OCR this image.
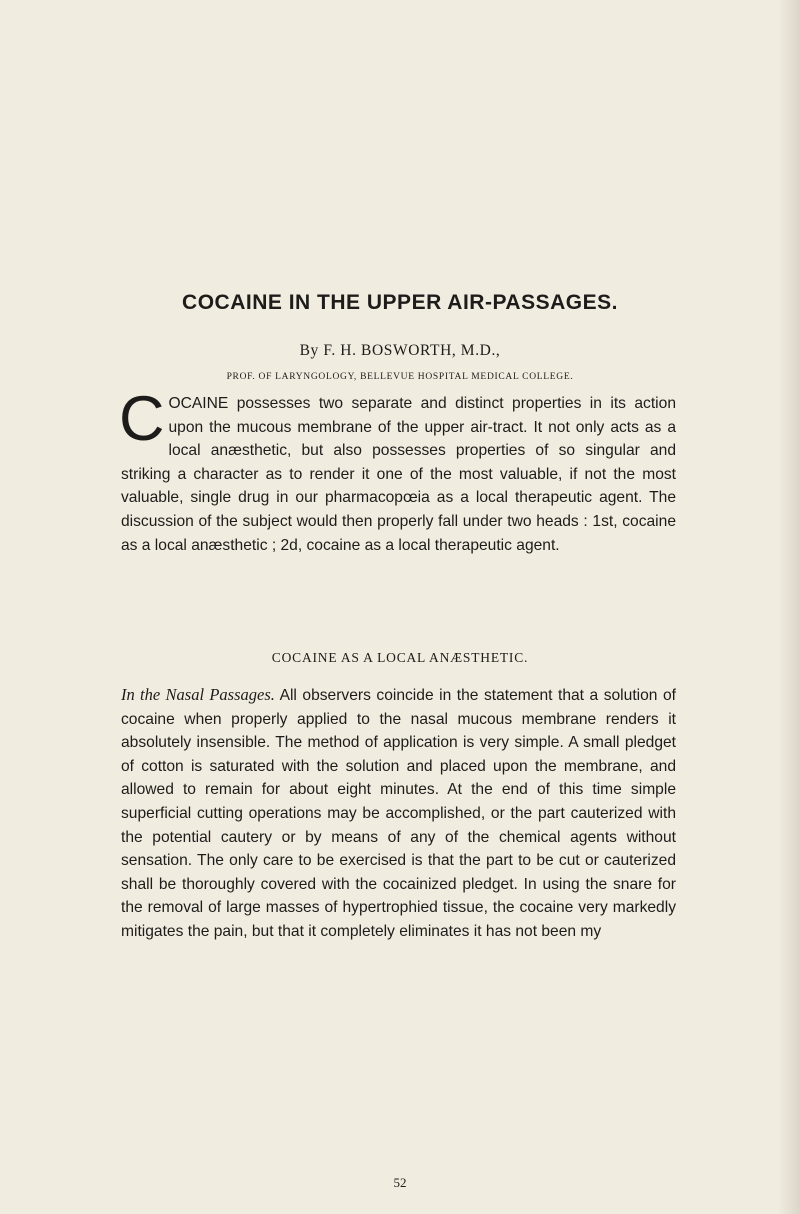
COCAINE IN THE UPPER AIR-PASSAGES.
By F. H. BOSWORTH, M.D.,
PROF. OF LARYNGOLOGY, BELLEVUE HOSPITAL MEDICAL COLLEGE.

COCAINE possesses two separate and distinct properties in its action upon the mucous membrane of the upper air-tract. It not only acts as a local anæsthetic, but also possesses properties of so singular and striking a character as to render it one of the most valuable, if not the most valuable, single drug in our pharmacopœia as a local therapeutic agent. The discussion of the subject would then properly fall under two heads : 1st, cocaine as a local anæsthetic ; 2d, cocaine as a local therapeutic agent.

COCAINE AS A LOCAL ANÆSTHETIC.

In the Nasal Passages. All observers coincide in the statement that a solution of cocaine when properly applied to the nasal mucous membrane renders it absolutely insensible. The method of application is very simple. A small pledget of cotton is saturated with the solution and placed upon the membrane, and allowed to remain for about eight minutes. At the end of this time simple superficial cutting operations may be accomplished, or the part cauterized with the potential cautery or by means of any of the chemical agents without sensation. The only care to be exercised is that the part to be cut or cauterized shall be thoroughly covered with the cocainized pledget. In using the snare for the removal of large masses of hypertrophied tissue, the cocaine very markedly mitigates the pain, but that it completely eliminates it has not been my

52
